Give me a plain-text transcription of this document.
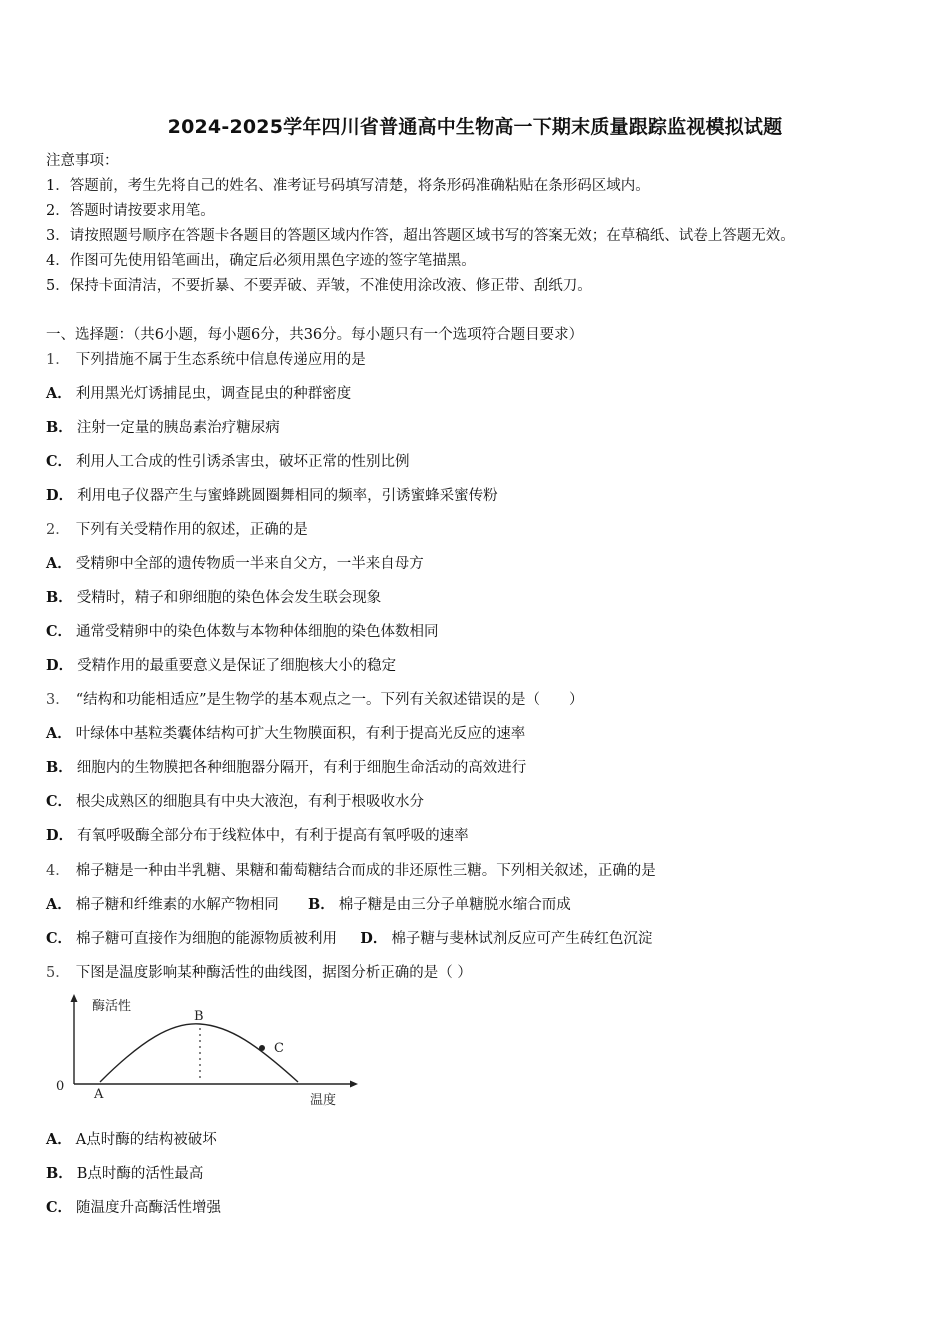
2024-2025学年四川省普通高中生物高一下期末质量跟踪监视模拟试题
注意事项：
1．答题前，考生先将自己的姓名、准考证号码填写清楚，将条形码准确粘贴在条形码区域内。
2．答题时请按要求用笔。
3．请按照题号顺序在答题卡各题目的答题区域内作答，超出答题区域书写的答案无效；在草稿纸、试卷上答题无效。
4．作图可先使用铅笔画出，确定后必须用黑色字迹的签字笔描黑。
5．保持卡面清洁，不要折暴、不要弄破、弄皱，不准使用涂改液、修正带、刮纸刀。
一、选择题：（共6小题，每小题6分，共36分。每小题只有一个选项符合题目要求）
1． 下列措施不属于生态系统中信息传递应用的是
A． 利用黑光灯诱捕昆虫，调查昆虫的种群密度
B． 注射一定量的胰岛素治疗糖尿病
C． 利用人工合成的性引诱杀害虫，破坏正常的性别比例
D． 利用电子仪器产生与蜜蜂跳圆圈舞相同的频率，引诱蜜蜂采蜜传粉
2． 下列有关受精作用的叙述，正确的是
A． 受精卵中全部的遗传物质一半来自父方，一半来自母方
B． 受精时，精子和卵细胞的染色体会发生联会现象
C． 通常受精卵中的染色体数与本物种体细胞的染色体数相同
D． 受精作用的最重要意义是保证了细胞核大小的稳定
3． “结构和功能相适应”是生物学的基本观点之一。下列有关叙述错误的是（　　）
A． 叶绿体中基粒类囊体结构可扩大生物膜面积，有利于提高光反应的速率
B． 细胞内的生物膜把各种细胞器分隔开，有利于细胞生命活动的高效进行
C． 根尖成熟区的细胞具有中央大液泡，有利于根吸收水分
D． 有氧呼吸酶全部分布于线粒体中，有利于提高有氧呼吸的速率
4． 棉子糖是一种由半乳糖、果糖和葡萄糖结合而成的非还原性三糖。下列相关叙述，正确的是
A． 棉子糖和纤维素的水解产物相同 B． 棉子糖是由三分子单糖脱水缩合而成
C． 棉子糖可直接作为细胞的能源物质被利用 D． 棉子糖与斐林试剂反应可产生砖红色沉淀
5． 下图是温度影响某种酶活性的曲线图，据图分析正确的是（ ）
酶活性
温度
0
A
B
C
A． A点时酶的结构被破坏
B． B点时酶的活性最高
C． 随温度升高酶活性增强
